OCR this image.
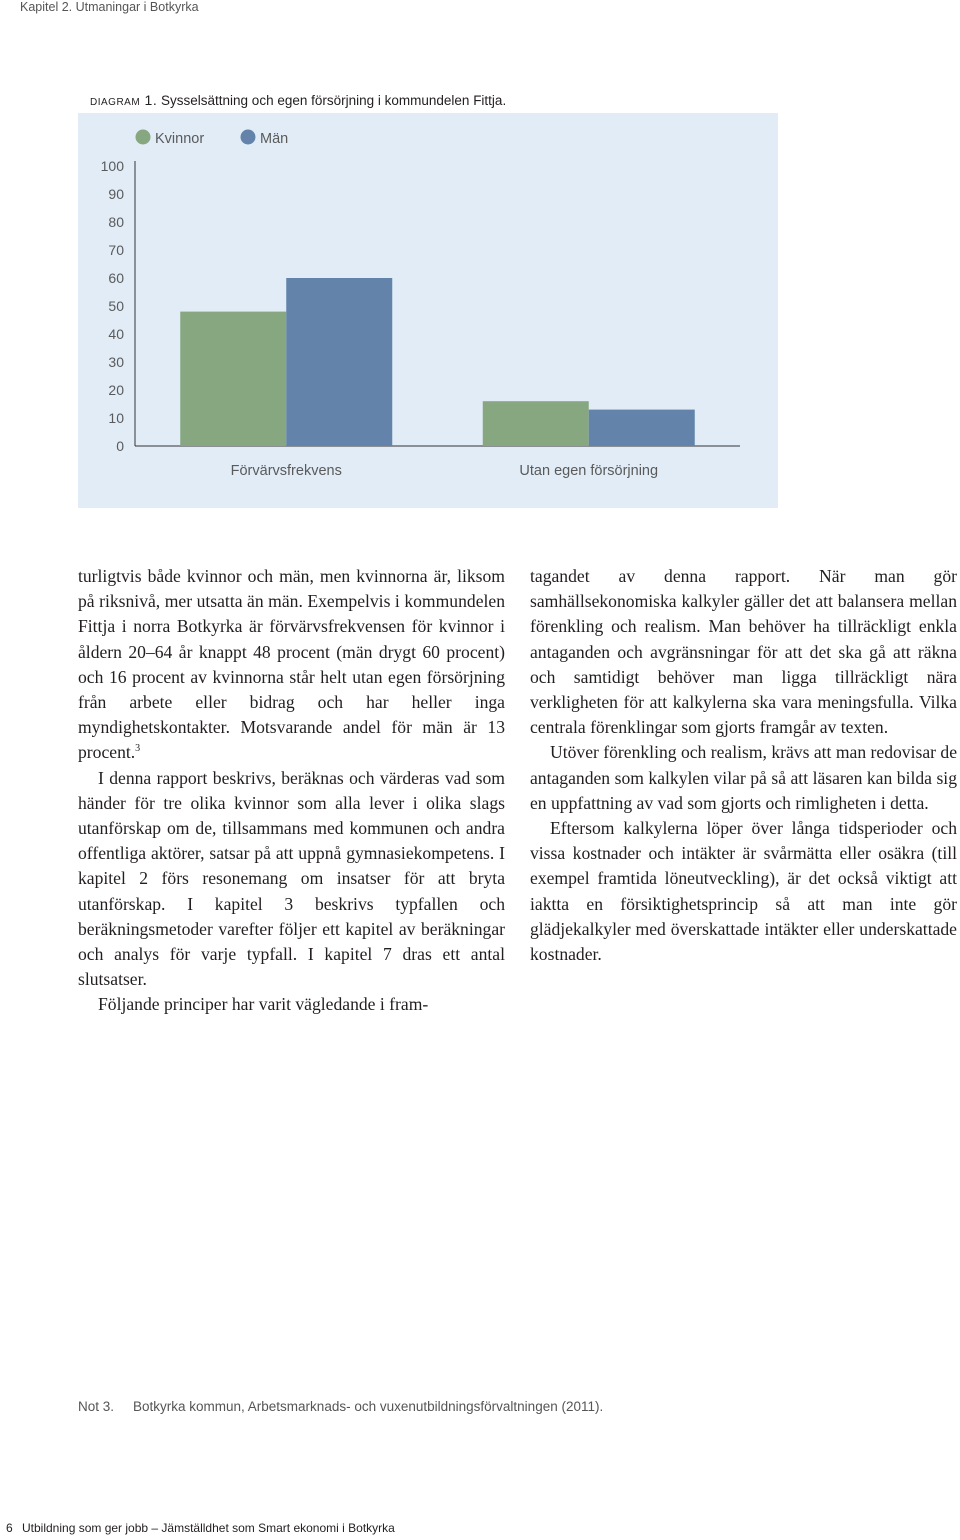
Kapitel 2. Utmaningar i Botkyrka
diagram 1. Sysselsättning och egen försörjning i kommundelen Fittja.
0
10
20
30
40
50
60
70
80
90
100
Förvärvsfrekvens	Utan egen försörjning
Kvinnor	Män

turligtvis både kvinnor och män, men kvinnorna är, liksom på riksnivå, mer utsatta än män. Exempelvis i kommundelen Fittja i norra Botkyrka är förvärvsfrekvensen för kvinnor i åldern 20–64 år knappt 48 procent (män drygt 60 procent) och 16 procent av kvinnorna står helt utan egen försörjning från arbete eller bidrag och har heller inga myndighetskontakter. Motsvarande andel för män är 13 procent.$^3$

I denna rapport beskrivs, beräknas och värderas vad som händer för tre olika kvinnor som alla lever i olika slags utanförskap om de, tillsammans med kommunen och andra offentliga aktörer, satsar på att uppnå gymnasiekompetens. I kapitel 2 förs resonemang om insatser för att bryta utanförskap. I kapitel 3 beskrivs typfallen och beräkningsmetoder varefter följer ett kapitel av beräkningar och analys för varje typfall. I kapitel 7 dras ett antal slutsatser.

Följande principer har varit vägledande i fram-

tagandet av denna rapport. När man gör samhällsekonomiska kalkyler gäller det att balansera mellan förenkling och realism. Man behöver ha tillräckligt enkla antaganden och avgränsningar för att det ska gå att räkna och samtidigt behöver man ligga tillräckligt nära verkligheten för att kalkylerna ska vara meningsfulla. Vilka centrala förenklingar som gjorts framgår av texten.

Utöver förenkling och realism, krävs att man redovisar de antaganden som kalkylen vilar på så att läsaren kan bilda sig en uppfattning av vad som gjorts och rimligheten i detta.

Eftersom kalkylerna löper över långa tidsperioder och vissa kostnader och intäkter är svårmätta eller osäkra (till exempel framtida löneutveckling), är det också viktigt att iaktta en försiktighetsprincip så att man inte gör glädjekalkyler med överskattade intäkter eller underskattade kostnader.

Not 3. Botkyrka kommun, Arbetsmarknads- och vuxenutbildningsförvaltningen (2011).
6 Utbildning som ger jobb – Jämställdhet som Smart ekonomi i Botkyrka
